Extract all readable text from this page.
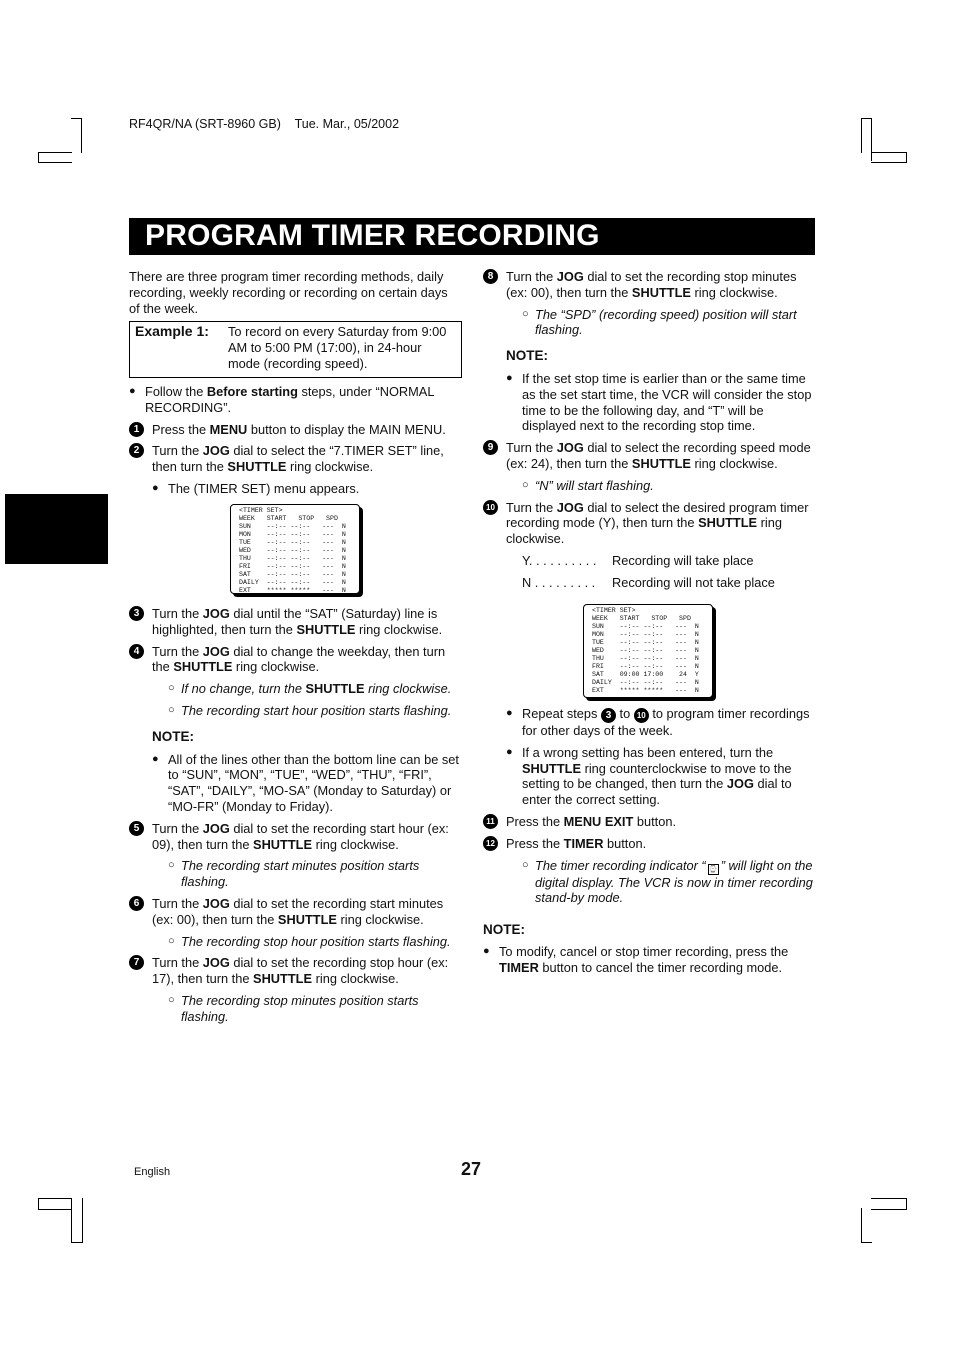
RF4QR/NA (SRT-8960 GB) Tue. Mar., 05/2002
PROGRAM TIMER RECORDING

There are three program timer recording methods, daily recording, weekly recording or recording on certain days of the week.

Example 1: To record on every Saturday from 9:00 AM to 5:00 PM (17:00), in 24-hour mode (recording speed).
● Follow the Before starting steps, under “NORMAL RECORDING”.
1 Press the MENU button to display the MAIN MENU.
2 Turn the JOG dial to select the “7.TIMER SET” line, then turn the SHUTTLE ring clockwise.
● The (TIMER SET) menu appears.
<TIMER SET>
WEEK   START   STOP   SPD
SUN    --:-- --:--   ---  N
MON    --:-- --:--   ---  N
TUE    --:-- --:--   ---  N
WED    --:-- --:--   ---  N
THU    --:-- --:--   ---  N
FRI    --:-- --:--   ---  N
SAT    --:-- --:--   ---  N
DAILY  --:-- --:--   ---  N
EXT    ***** *****   ---  N
3 Turn the JOG dial until the “SAT” (Saturday) line is highlighted, then turn the SHUTTLE ring clockwise.
4 Turn the JOG dial to change the weekday, then turn the SHUTTLE ring clockwise.
○ If no change, turn the SHUTTLE ring clockwise.
○ The recording start hour position starts flashing.
NOTE:
● All of the lines other than the bottom line can be set to “SUN”, “MON”, “TUE”, “WED”, “THU”, “FRI”, “SAT”, “DAILY”, “MO-SA” (Monday to Saturday) or “MO-FR” (Monday to Friday).
5 Turn the JOG dial to set the recording start hour (ex: 09), then turn the SHUTTLE ring clockwise.
○ The recording start minutes position starts flashing.
6 Turn the JOG dial to set the recording start minutes (ex: 00), then turn the SHUTTLE ring clockwise.
○ The recording stop hour position starts flashing.
7 Turn the JOG dial to set the recording stop hour (ex: 17), then turn the SHUTTLE ring clockwise.
○ The recording stop minutes position starts flashing.
8 Turn the JOG dial to set the recording stop minutes (ex: 00), then turn the SHUTTLE ring clockwise.
○ The “SPD” (recording speed) position will start flashing.
NOTE:
● If the set stop time is earlier than or the same time as the set start time, the VCR will consider the stop time to be the following day, and “T” will be displayed next to the recording stop time.
9 Turn the JOG dial to select the recording speed mode (ex: 24), then turn the SHUTTLE ring clockwise.
○ “N” will start flashing.
10 Turn the JOG dial to select the desired program timer recording mode (Y), then turn the SHUTTLE ring clockwise.
Y. . . . . . . . . . Recording will take place
N . . . . . . . . . Recording will not take place
<TIMER SET>
WEEK   START   STOP   SPD
SUN    --:-- --:--   ---  N
MON    --:-- --:--   ---  N
TUE    --:-- --:--   ---  N
WED    --:-- --:--   ---  N
THU    --:-- --:--   ---  N
FRI    --:-- --:--   ---  N
SAT    09:00 17:00    24  Y
DAILY  --:-- --:--   ---  N
EXT    ***** *****   ---  N
● Repeat steps 3 to 10 to program timer recordings for other days of the week.
● If a wrong setting has been entered, turn the SHUTTLE ring counterclockwise to move to the setting to be changed, then turn the JOG dial to enter the correct setting.
11 Press the MENU EXIT button.
12 Press the TIMER button.
○ The timer recording indicator “ ⌚ ” will light on the digital display. The VCR is now in timer recording stand-by mode.
NOTE:
● To modify, cancel or stop timer recording, press the TIMER button to cancel the timer recording mode.
English	27
